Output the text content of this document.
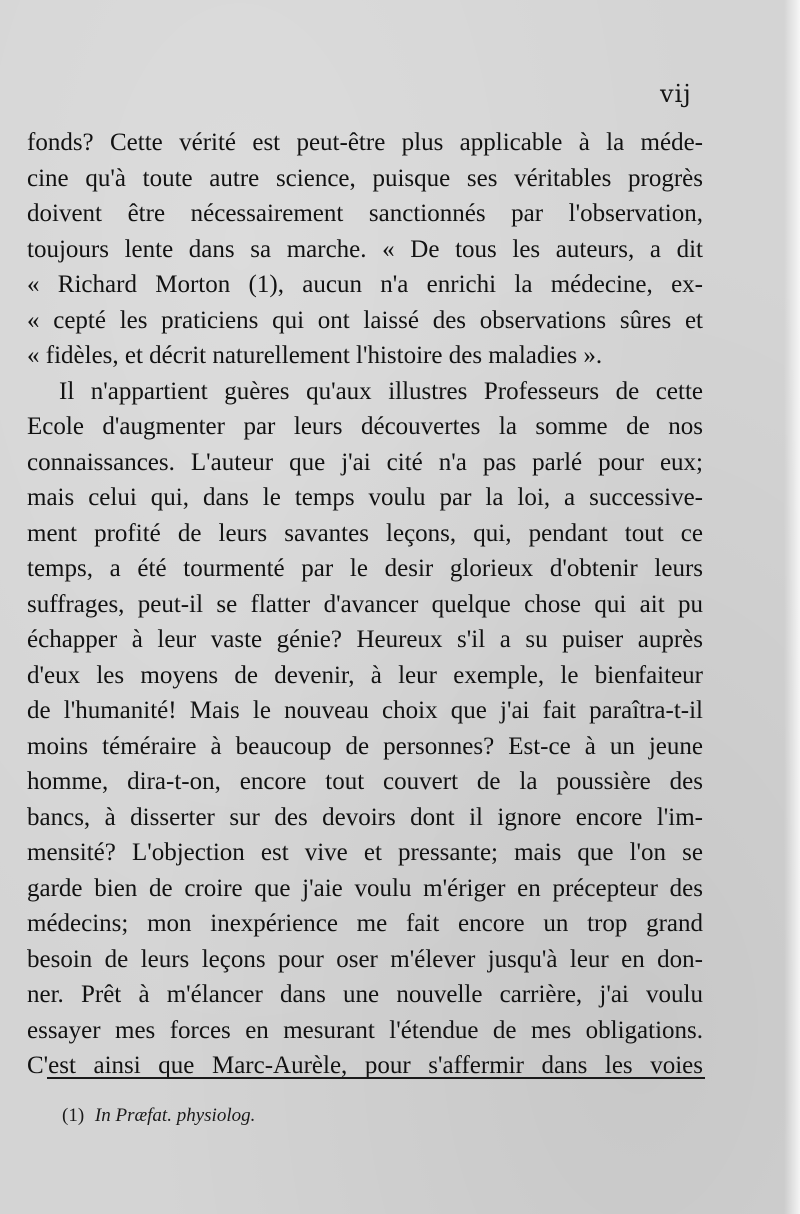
vij
fonds? Cette vérité est peut-être plus applicable à la méde-
cine qu'à toute autre science, puisque ses véritables progrès
doivent être nécessairement sanctionnés par l'observation,
toujours lente dans sa marche. « De tous les auteurs, a dit
« Richard Morton (1), aucun n'a enrichi la médecine, ex-
« cepté les praticiens qui ont laissé des observations sûres et
« fidèles, et décrit naturellement l'histoire des maladies ».
Il n'appartient guères qu'aux illustres Professeurs de cette
Ecole d'augmenter par leurs découvertes la somme de nos
connaissances. L'auteur que j'ai cité n'a pas parlé pour eux;
mais celui qui, dans le temps voulu par la loi, a successive-
ment profité de leurs savantes leçons, qui, pendant tout ce
temps, a été tourmenté par le desir glorieux d'obtenir leurs
suffrages, peut-il se flatter d'avancer quelque chose qui ait pu
échapper à leur vaste génie? Heureux s'il a su puiser auprès
d'eux les moyens de devenir, à leur exemple, le bienfaiteur
de l'humanité! Mais le nouveau choix que j'ai fait paraîtra-t-il
moins téméraire à beaucoup de personnes? Est-ce à un jeune
homme, dira-t-on, encore tout couvert de la poussière des
bancs, à disserter sur des devoirs dont il ignore encore l'im-
mensité? L'objection est vive et pressante; mais que l'on se
garde bien de croire que j'aie voulu m'ériger en précepteur des
médecins; mon inexpérience me fait encore un trop grand
besoin de leurs leçons pour oser m'élever jusqu'à leur en don-
ner. Prêt à m'élancer dans une nouvelle carrière, j'ai voulu
essayer mes forces en mesurant l'étendue de mes obligations.
C'est ainsi que Marc-Aurèle, pour s'affermir dans les voies
(1) In Præfat. physiolog.
